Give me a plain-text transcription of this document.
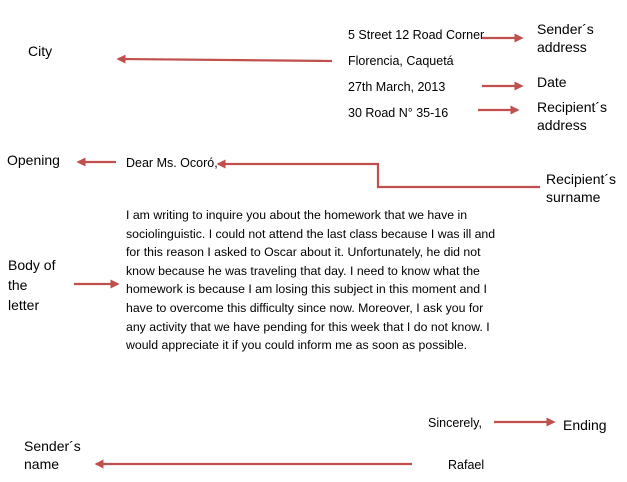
5 Street 12 Road Corner
Florencia, Caquetá
27th March, 2013
30 Road N° 35-16
Dear Ms. Ocoró,
I am writing to inquire you about the homework that we have in
sociolinguistic. I could not attend the last class because I was ill and
for this reason I asked to Oscar about it. Unfortunately, he did not
know because he was traveling that day. I need to know what the
homework is because I am losing this subject in this moment and I
have to overcome this difficulty since now. Moreover, I ask you for
any activity that we have pending for this week that I do not know. I
would appreciate it if you could inform me as soon as possible.
Sincerely,
Rafael
Sender´s
address
City
Date
Recipient´s
address
Opening
Recipient´s
surname
Body of
the
letter
Ending
Sender´s
name
